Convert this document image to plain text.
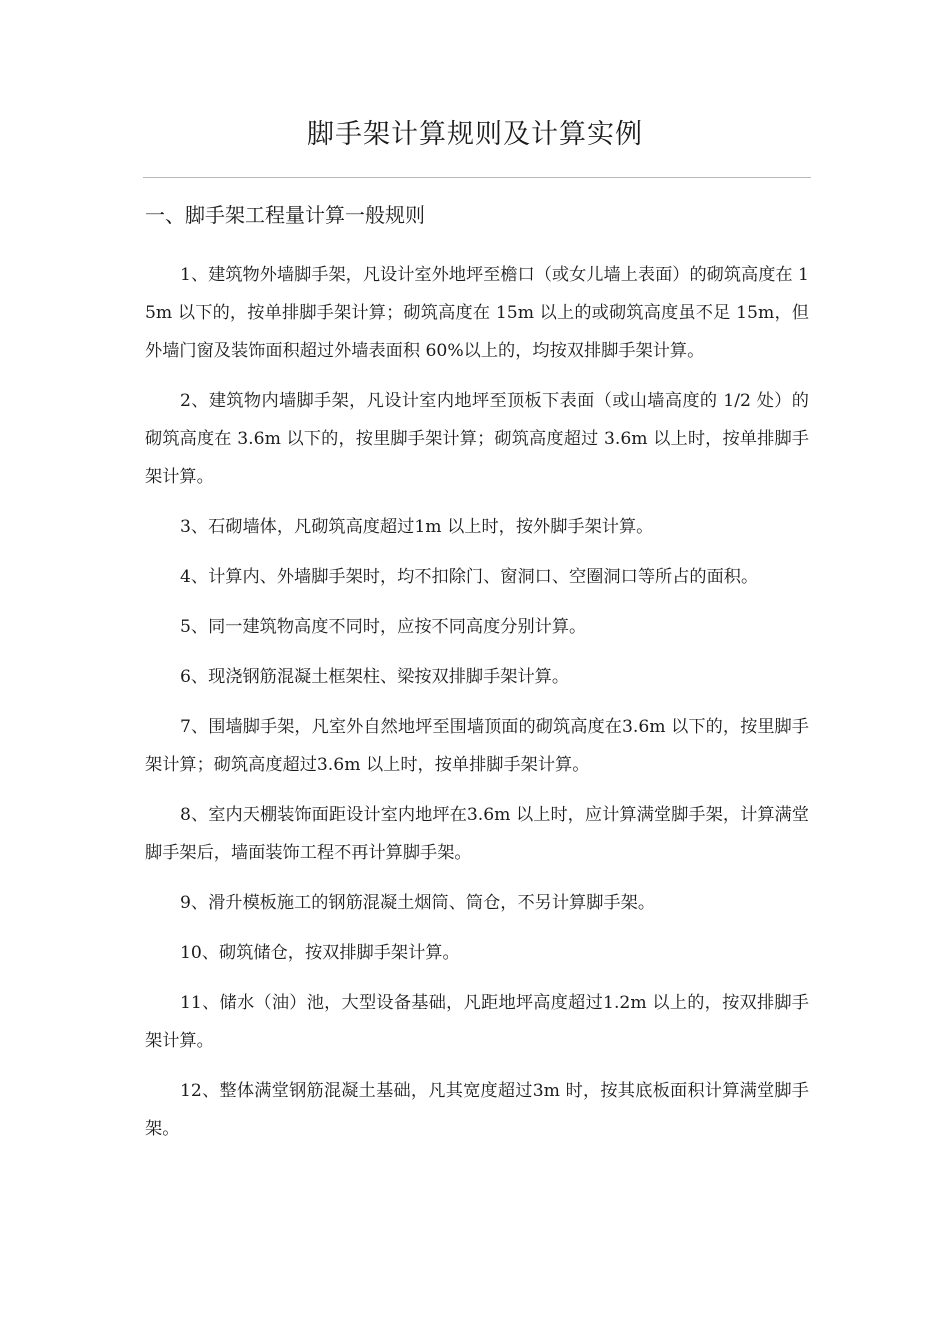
脚手架计算规则及计算实例
一、脚手架工程量计算一般规则
1、建筑物外墙脚手架，凡设计室外地坪至檐口（或女儿墙上表面）的砌筑高度在 15m 以下的，按单排脚手架计算；砌筑高度在 15m 以上的或砌筑高度虽不足 15m，但外墙门窗及装饰面积超过外墙表面积 60%以上的，均按双排脚手架计算。
2、建筑物内墙脚手架，凡设计室内地坪至顶板下表面（或山墙高度的 1/2 处）的砌筑高度在 3.6m 以下的，按里脚手架计算；砌筑高度超过 3.6m 以上时，按单排脚手架计算。
3、石砌墙体，凡砌筑高度超过1m 以上时，按外脚手架计算。
4、计算内、外墙脚手架时，均不扣除门、窗洞口、空圈洞口等所占的面积。
5、同一建筑物高度不同时，应按不同高度分别计算。
6、现浇钢筋混凝土框架柱、梁按双排脚手架计算。
7、围墙脚手架，凡室外自然地坪至围墙顶面的砌筑高度在3.6m 以下的，按里脚手架计算；砌筑高度超过3.6m 以上时，按单排脚手架计算。
8、室内天棚装饰面距设计室内地坪在3.6m 以上时，应计算满堂脚手架，计算满堂脚手架后，墙面装饰工程不再计算脚手架。
9、滑升模板施工的钢筋混凝土烟筒、筒仓，不另计算脚手架。
10、砌筑储仓，按双排脚手架计算。
11、储水（油）池，大型设备基础，凡距地坪高度超过1.2m 以上的，按双排脚手架计算。
12、整体满堂钢筋混凝土基础，凡其宽度超过3m 时，按其底板面积计算满堂脚手架。
